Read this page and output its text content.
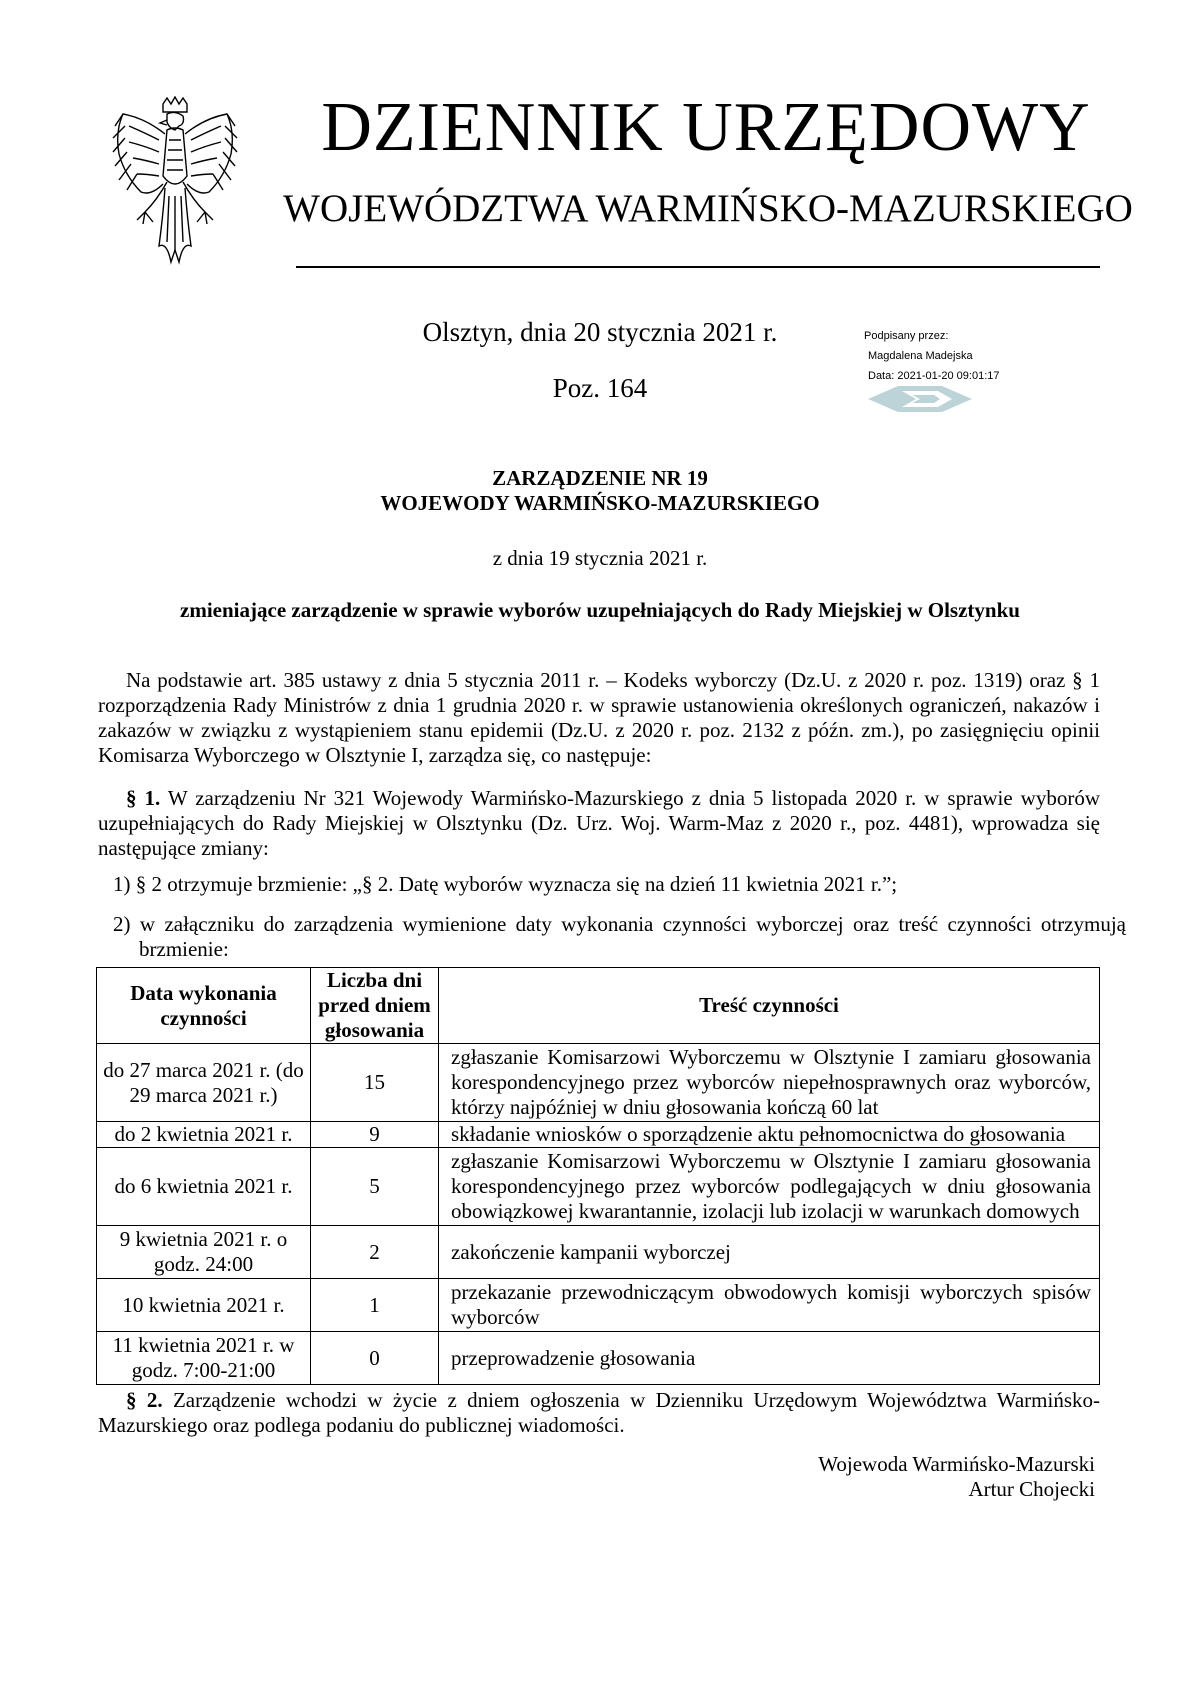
DZIENNIK URZĘDOWY
WOJEWÓDZTWA WARMIŃSKO-MAZURSKIEGO
Olsztyn, dnia 20 stycznia 2021 r.
Poz. 164
Podpisany przez:
Magdalena Madejska
Data: 2021-01-20 09:01:17
ZARZĄDZENIE NR 19
WOJEWODY WARMIŃSKO-MAZURSKIEGO
z dnia 19 stycznia 2021 r.
zmieniające zarządzenie w sprawie wyborów uzupełniających do Rady Miejskiej w Olsztynku
Na podstawie art. 385 ustawy z dnia 5 stycznia 2011 r. – Kodeks wyborczy (Dz.U. z 2020 r. poz. 1319) oraz § 1 rozporządzenia Rady Ministrów z dnia 1 grudnia 2020 r. w sprawie ustanowienia określonych ograniczeń, nakazów i zakazów w związku z wystąpieniem stanu epidemii (Dz.U. z 2020 r. poz. 2132 z późn. zm.), po zasięgnięciu opinii Komisarza Wyborczego w Olsztynie I, zarządza się, co następuje:
§ 1. W zarządzeniu Nr 321 Wojewody Warmińsko-Mazurskiego z dnia 5 listopada 2020 r. w sprawie wyborów uzupełniających do Rady Miejskiej w Olsztynku (Dz. Urz. Woj. Warm-Maz z 2020 r., poz. 4481), wprowadza się następujące zmiany:
1) § 2 otrzymuje brzmienie: „§ 2. Datę wyborów wyznacza się na dzień 11 kwietnia 2021 r.”;
2) w załączniku do zarządzenia wymienione daty wykonania czynności wyborczej oraz treść czynności otrzymują brzmienie:
Data wykonania czynności	Liczba dni przed dniem głosowania	Treść czynności
do 27 marca 2021 r. (do 29 marca 2021 r.)	15	zgłaszanie Komisarzowi Wyborczemu w Olsztynie I zamiaru głosowania korespondencyjnego przez wyborców niepełnosprawnych oraz wyborców, którzy najpóźniej w dniu głosowania kończą 60 lat
do 2 kwietnia 2021 r.	9	składanie wniosków o sporządzenie aktu pełnomocnictwa do głosowania
do 6 kwietnia 2021 r.	5	zgłaszanie Komisarzowi Wyborczemu w Olsztynie I zamiaru głosowania korespondencyjnego przez wyborców podlegających w dniu głosowania obowiązkowej kwarantannie, izolacji lub izolacji w warunkach domowych
9 kwietnia 2021 r. o godz. 24:00	2	zakończenie kampanii wyborczej
10 kwietnia 2021 r.	1	przekazanie przewodniczącym obwodowych komisji wyborczych spisów wyborców
11 kwietnia 2021 r. w godz. 7:00-21:00	0	przeprowadzenie głosowania
§ 2. Zarządzenie wchodzi w życie z dniem ogłoszenia w Dzienniku Urzędowym Województwa Warmińsko-Mazurskiego oraz podlega podaniu do publicznej wiadomości.
Wojewoda Warmińsko-Mazurski
Artur Chojecki
